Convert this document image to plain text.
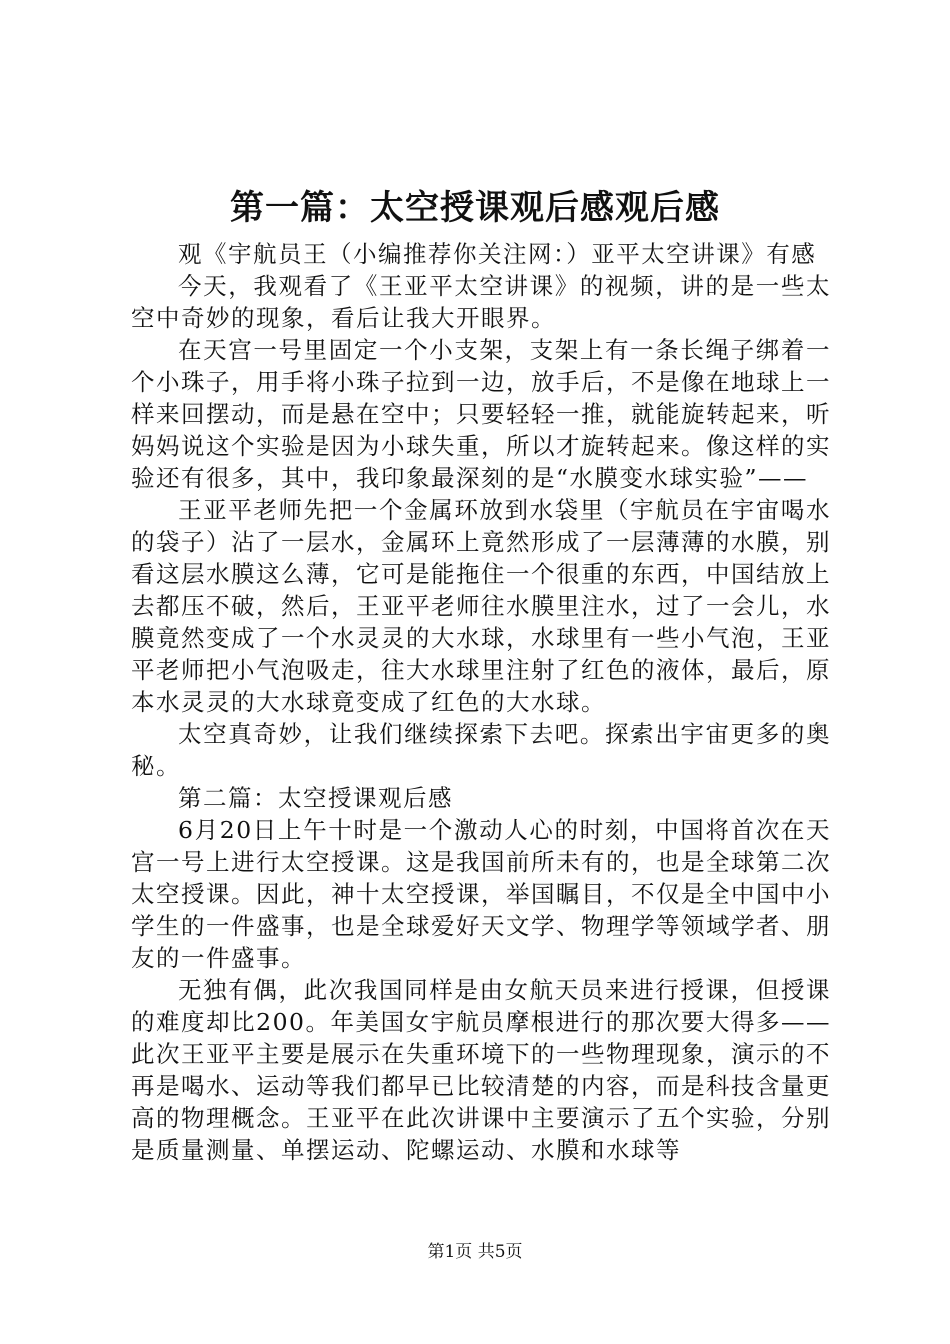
第一篇：太空授课观后感观后感

观《宇航员王（小编推荐你关注网：）亚平太空讲课》有感

今天，我观看了《王亚平太空讲课》的视频，讲的是一些太空中奇妙的现象，看后让我大开眼界。

在天宫一号里固定一个小支架，支架上有一条长绳子绑着一个小珠子，用手将小珠子拉到一边，放手后，不是像在地球上一样来回摆动，而是悬在空中；只要轻轻一推，就能旋转起来，听妈妈说这个实验是因为小球失重，所以才旋转起来。像这样的实验还有很多，其中，我印象最深刻的是“水膜变水球实验”——

王亚平老师先把一个金属环放到水袋里（宇航员在宇宙喝水的袋子）沾了一层水，金属环上竟然形成了一层薄薄的水膜，别看这层水膜这么薄，它可是能拖住一个很重的东西，中国结放上去都压不破，然后，王亚平老师往水膜里注水，过了一会儿，水膜竟然变成了一个水灵灵的大水球，水球里有一些小气泡，王亚平老师把小气泡吸走，往大水球里注射了红色的液体，最后，原本水灵灵的大水球竟变成了红色的大水球。

太空真奇妙，让我们继续探索下去吧。探索出宇宙更多的奥秘。

第二篇：太空授课观后感

6月20日上午十时是一个激动人心的时刻，中国将首次在天宫一号上进行太空授课。这是我国前所未有的，也是全球第二次太空授课。因此，神十太空授课，举国瞩目，不仅是全中国中小学生的一件盛事，也是全球爱好天文学、物理学等领域学者、朋友的一件盛事。

无独有偶，此次我国同样是由女航天员来进行授课，但授课的难度却比200。年美国女宇航员摩根进行的那次要大得多——此次王亚平主要是展示在失重环境下的一些物理现象，演示的不再是喝水、运动等我们都早已比较清楚的内容，而是科技含量更高的物理概念。王亚平在此次讲课中主要演示了五个实验，分别是质量测量、单摆运动、陀螺运动、水膜和水球等

第1页 共5页
